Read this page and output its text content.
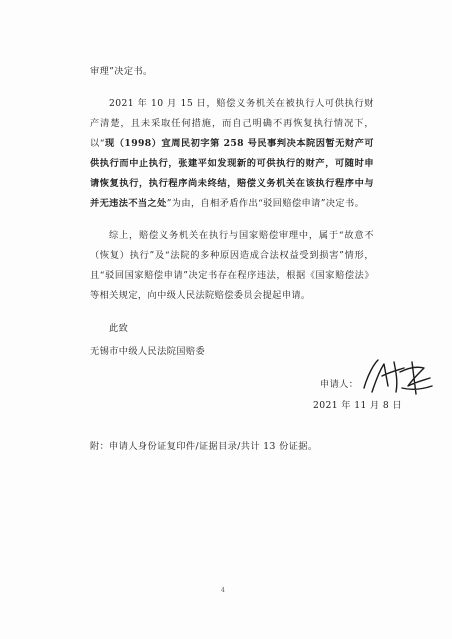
审理”决定书。

2021 年 10 月 15 日，赔偿义务机关在被执行人可供执行财产清楚，且未采取任何措施，而自己明确不再恢复执行情况下，以“现（1998）宜周民初字第 258 号民事判决本院因暂无财产可供执行而中止执行，张建平如发现新的可供执行的财产，可随时申请恢复执行，执行程序尚未终结，赔偿义务机关在该执行程序中与并无违法不当之处”为由，自相矛盾作出“驳回赔偿申请”决定书。

综上，赔偿义务机关在执行与国家赔偿审理中，属于“故意不（恢复）执行”及“法院的多种原因造成合法权益受到损害”情形，且“驳回国家赔偿申请”决定书存在程序违法，根据《国家赔偿法》等相关规定，向中级人民法院赔偿委员会提起申请。

此致
无锡市中级人民法院国赔委
申请人：
2021 年 11 月 8 日
附：申请人身份证复印件/证据目录/共计 13 份证据。
4
